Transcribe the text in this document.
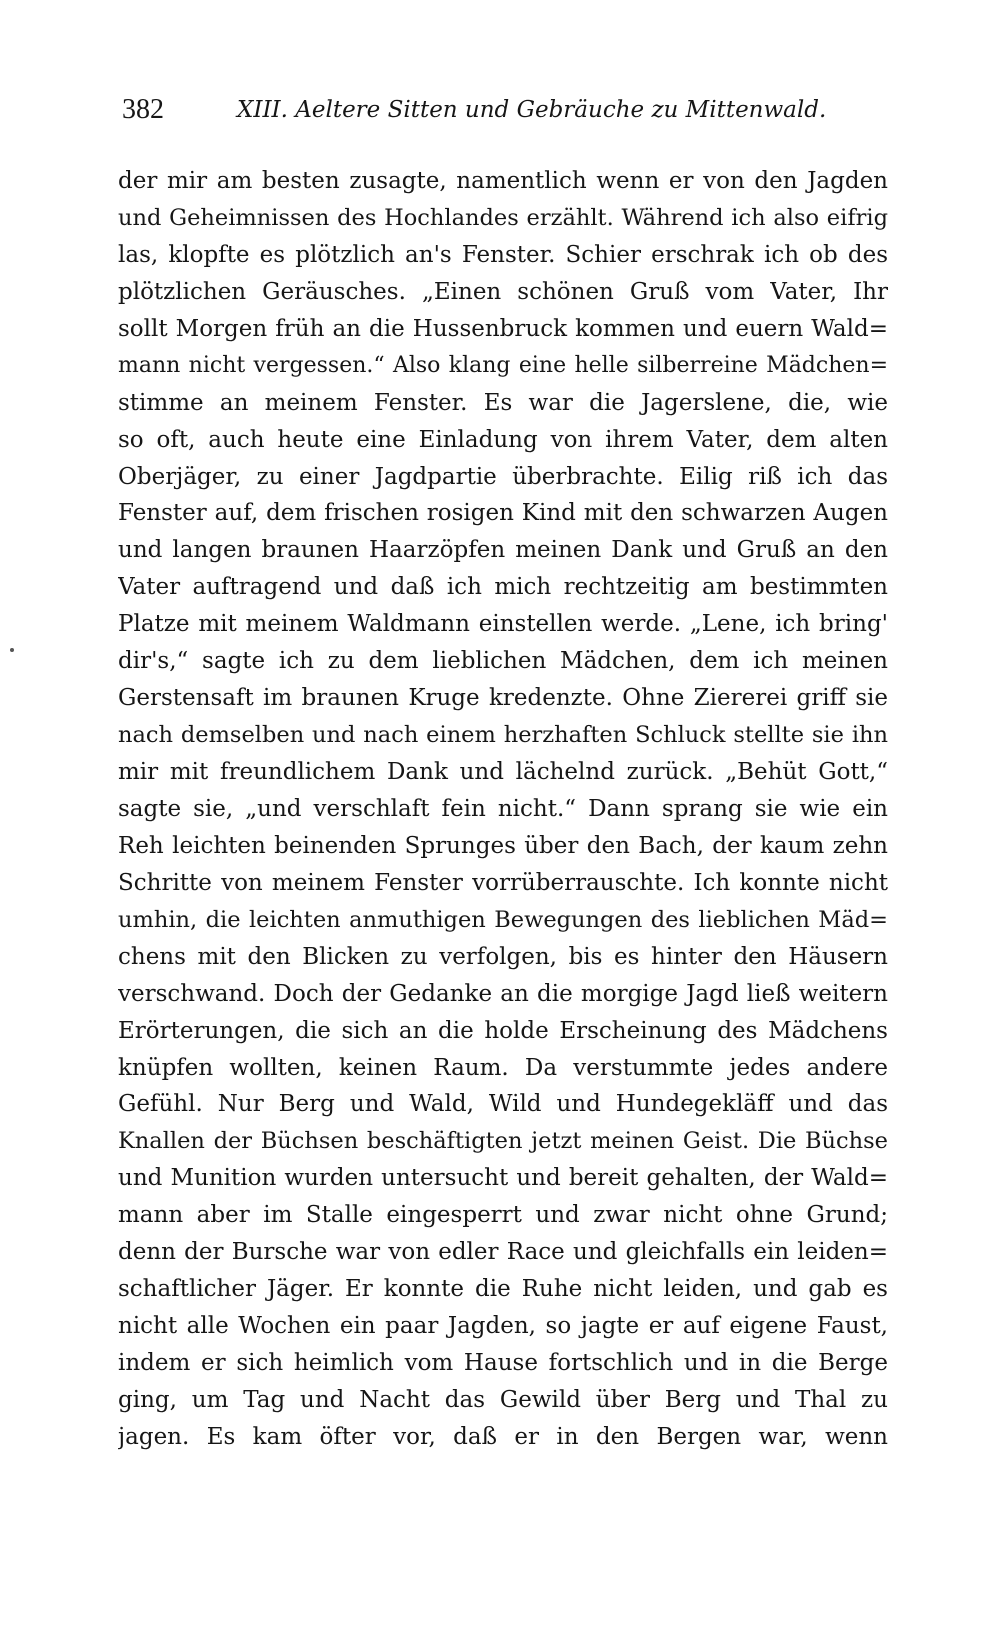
382	XIII. Aeltere Sitten und Gebräuche zu Mittenwald.
der mir am besten zusagte, namentlich wenn er von den Jagden
und Geheimnissen des Hochlandes erzählt. Während ich also eifrig
las, klopfte es plötzlich an's Fenster. Schier erschrak ich ob des
plötzlichen Geräusches. „Einen schönen Gruß vom Vater, Ihr
sollt Morgen früh an die Hussenbruck kommen und euern Wald=
mann nicht vergessen.“ Also klang eine helle silberreine Mädchen=
stimme an meinem Fenster. Es war die Jagerslene, die, wie
so oft, auch heute eine Einladung von ihrem Vater, dem alten
Oberjäger, zu einer Jagdpartie überbrachte. Eilig riß ich das
Fenster auf, dem frischen rosigen Kind mit den schwarzen Augen
und langen braunen Haarzöpfen meinen Dank und Gruß an den
Vater auftragend und daß ich mich rechtzeitig am bestimmten
Platze mit meinem Waldmann einstellen werde. „Lene, ich bring'
dir's,“ sagte ich zu dem lieblichen Mädchen, dem ich meinen
Gerstensaft im braunen Kruge kredenzte. Ohne Ziererei griff sie
nach demselben und nach einem herzhaften Schluck stellte sie ihn
mir mit freundlichem Dank und lächelnd zurück. „Behüt Gott,“
sagte sie, „und verschlaft fein nicht.“ Dann sprang sie wie ein
Reh leichten beinenden Sprunges über den Bach, der kaum zehn
Schritte von meinem Fenster vorrüberrauschte. Ich konnte nicht
umhin, die leichten anmuthigen Bewegungen des lieblichen Mäd=
chens mit den Blicken zu verfolgen, bis es hinter den Häusern
verschwand. Doch der Gedanke an die morgige Jagd ließ weitern
Erörterungen, die sich an die holde Erscheinung des Mädchens
knüpfen wollten, keinen Raum. Da verstummte jedes andere
Gefühl. Nur Berg und Wald, Wild und Hundegekläff und das
Knallen der Büchsen beschäftigten jetzt meinen Geist. Die Büchse
und Munition wurden untersucht und bereit gehalten, der Wald=
mann aber im Stalle eingesperrt und zwar nicht ohne Grund;
denn der Bursche war von edler Race und gleichfalls ein leiden=
schaftlicher Jäger. Er konnte die Ruhe nicht leiden, und gab es
nicht alle Wochen ein paar Jagden, so jagte er auf eigene Faust,
indem er sich heimlich vom Hause fortschlich und in die Berge
ging, um Tag und Nacht das Gewild über Berg und Thal zu
jagen. Es kam öfter vor, daß er in den Bergen war, wenn
